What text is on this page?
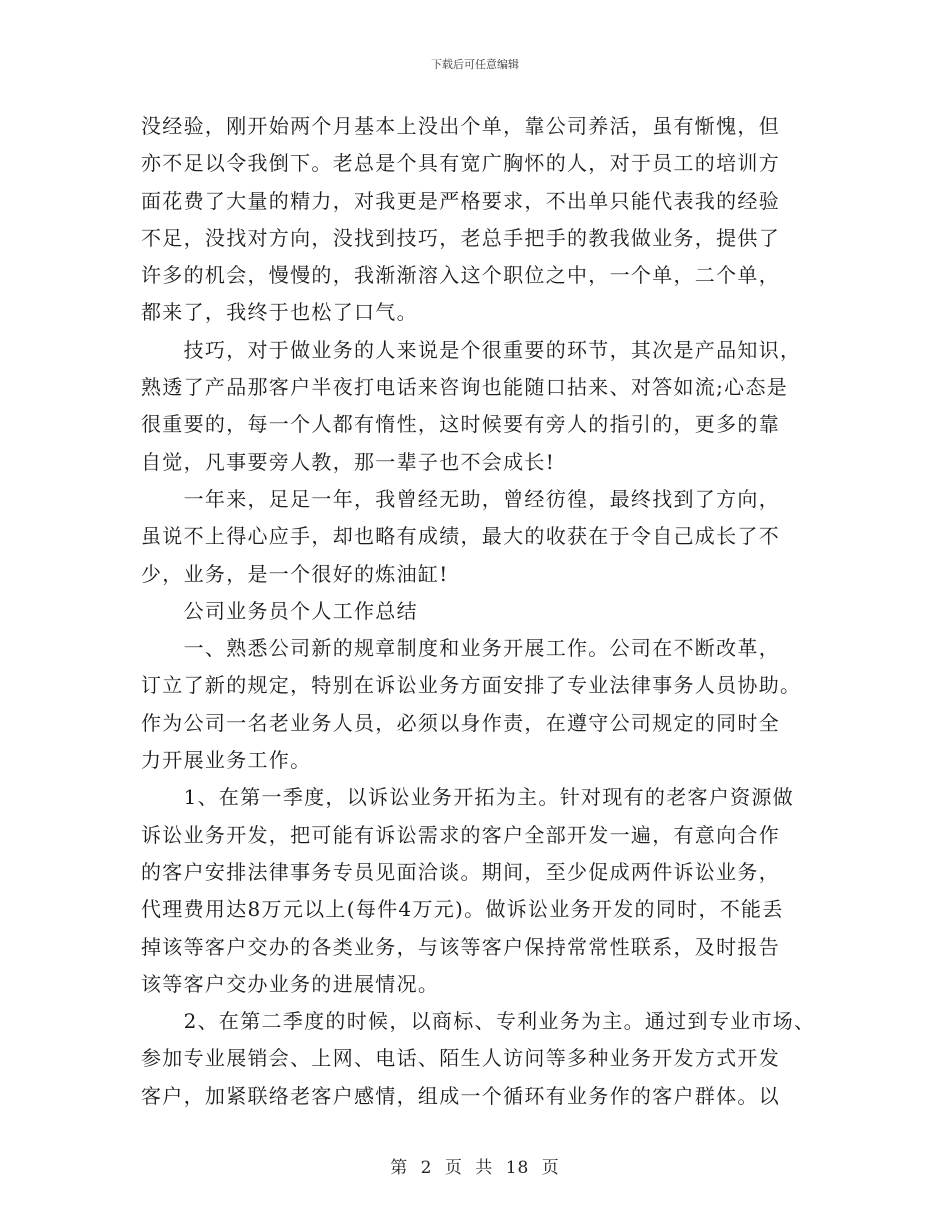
下载后可任意编辑
没经验，刚开始两个月基本上没出个单，靠公司养活，虽有惭愧，但
亦不足以令我倒下。老总是个具有宽广胸怀的人，对于员工的培训方
面花费了大量的精力，对我更是严格要求，不出单只能代表我的经验
不足，没找对方向，没找到技巧，老总手把手的教我做业务，提供了
许多的机会，慢慢的，我渐渐溶入这个职位之中，一个单，二个单，
都来了，我终于也松了口气。
　　技巧，对于做业务的人来说是个很重要的环节，其次是产品知识，
熟透了产品那客户半夜打电话来咨询也能随口拈来、对答如流;心态是
很重要的，每一个人都有惰性，这时候要有旁人的指引的，更多的靠
自觉，凡事要旁人教，那一辈子也不会成长!
　　一年来，足足一年，我曾经无助，曾经彷徨，最终找到了方向，
虽说不上得心应手，却也略有成绩，最大的收获在于令自己成长了不
少，业务，是一个很好的炼油缸!
　　公司业务员个人工作总结
　　一、熟悉公司新的规章制度和业务开展工作。公司在不断改革，
订立了新的规定，特别在诉讼业务方面安排了专业法律事务人员协助。
作为公司一名老业务人员，必须以身作责，在遵守公司规定的同时全
力开展业务工作。
　　1、在第一季度，以诉讼业务开拓为主。针对现有的老客户资源做
诉讼业务开发，把可能有诉讼需求的客户全部开发一遍，有意向合作
的客户安排法律事务专员见面洽谈。期间，至少促成两件诉讼业务，
代理费用达8万元以上(每件4万元)。做诉讼业务开发的同时，不能丢
掉该等客户交办的各类业务，与该等客户保持常常性联系，及时报告
该等客户交办业务的进展情况。
　　2、在第二季度的时候，以商标、专利业务为主。通过到专业市场、
参加专业展销会、上网、电话、陌生人访问等多种业务开发方式开发
客户，加紧联络老客户感情，组成一个循环有业务作的客户群体。以
第 2 页 共 18 页
